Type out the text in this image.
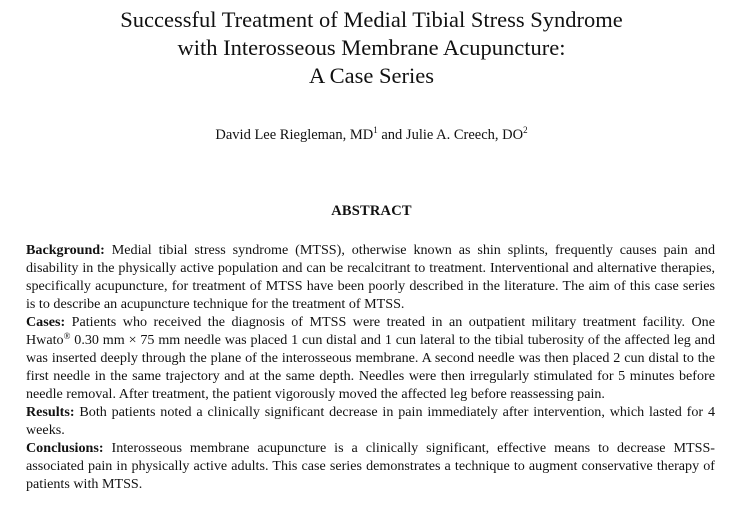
Successful Treatment of Medial Tibial Stress Syndrome
with Interosseous Membrane Acupuncture:
A Case Series
David Lee Riegleman, $MD^1$ and Julie A. Creech, $DO^2$
ABSTRACT

Background: Medial tibial stress syndrome (MTSS), otherwise known as shin splints, frequently causes pain and disability in the physically active population and can be recalcitrant to treatment. Interventional and alternative therapies, specifically acupuncture, for treatment of MTSS have been poorly described in the literature. The aim of this case series is to describe an acupuncture technique for the treatment of MTSS.

Cases: Patients who received the diagnosis of MTSS were treated in an outpatient military treatment facility. One Hwato® 0.30 mm × 75 mm needle was placed 1 cun distal and 1 cun lateral to the tibial tuberosity of the affected leg and was inserted deeply through the plane of the interosseous membrane. A second needle was then placed 2 cun distal to the first needle in the same trajectory and at the same depth. Needles were then irregularly stimulated for 5 minutes before needle removal. After treatment, the patient vigorously moved the affected leg before reassessing pain.

Results: Both patients noted a clinically significant decrease in pain immediately after intervention, which lasted for 4 weeks.

Conclusions: Interosseous membrane acupuncture is a clinically significant, effective means to decrease MTSS-associated pain in physically active adults. This case series demonstrates a technique to augment conservative therapy of patients with MTSS.
